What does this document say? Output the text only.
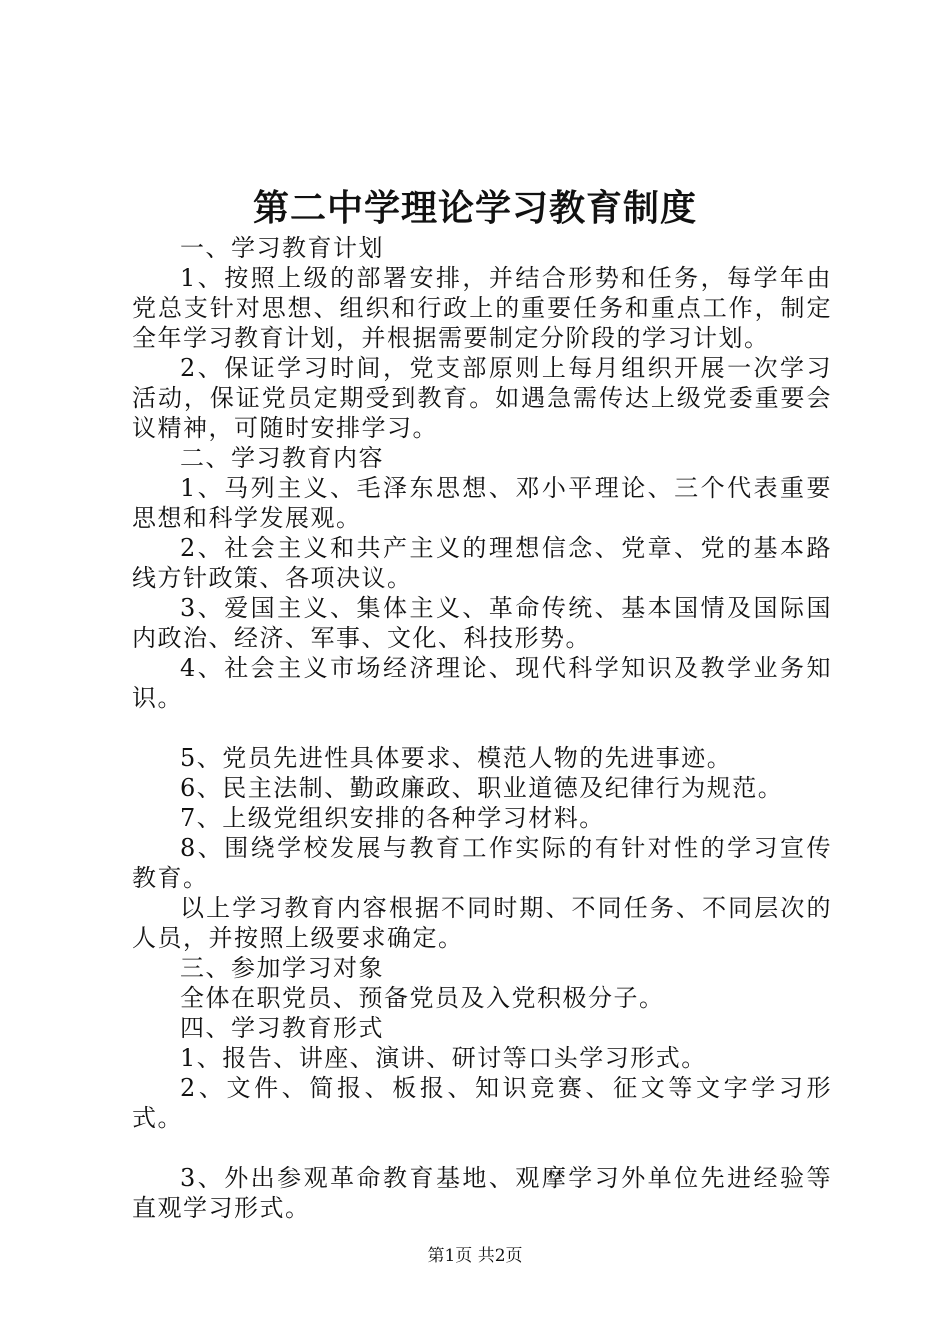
第二中学理论学习教育制度

一、学习教育计划

1、按照上级的部署安排，并结合形势和任务，每学年由党总支针对思想、组织和行政上的重要任务和重点工作，制定全年学习教育计划，并根据需要制定分阶段的学习计划。

2、保证学习时间，党支部原则上每月组织开展一次学习活动，保证党员定期受到教育。如遇急需传达上级党委重要会议精神，可随时安排学习。

二、学习教育内容

1、马列主义、毛泽东思想、邓小平理论、三个代表重要思想和科学发展观。

2、社会主义和共产主义的理想信念、党章、党的基本路线方针政策、各项决议。

3、爱国主义、集体主义、革命传统、基本国情及国际国内政治、经济、军事、文化、科技形势。

4、社会主义市场经济理论、现代科学知识及教学业务知识。

5、党员先进性具体要求、模范人物的先进事迹。

6、民主法制、勤政廉政、职业道德及纪律行为规范。

7、上级党组织安排的各种学习材料。

8、围绕学校发展与教育工作实际的有针对性的学习宣传教育。

以上学习教育内容根据不同时期、不同任务、不同层次的人员，并按照上级要求确定。

三、参加学习对象

全体在职党员、预备党员及入党积极分子。

四、学习教育形式

1、报告、讲座、演讲、研讨等口头学习形式。

2、文件、简报、板报、知识竞赛、征文等文字学习形式。

3、外出参观革命教育基地、观摩学习外单位先进经验等直观学习形式。

第1页 共2页
